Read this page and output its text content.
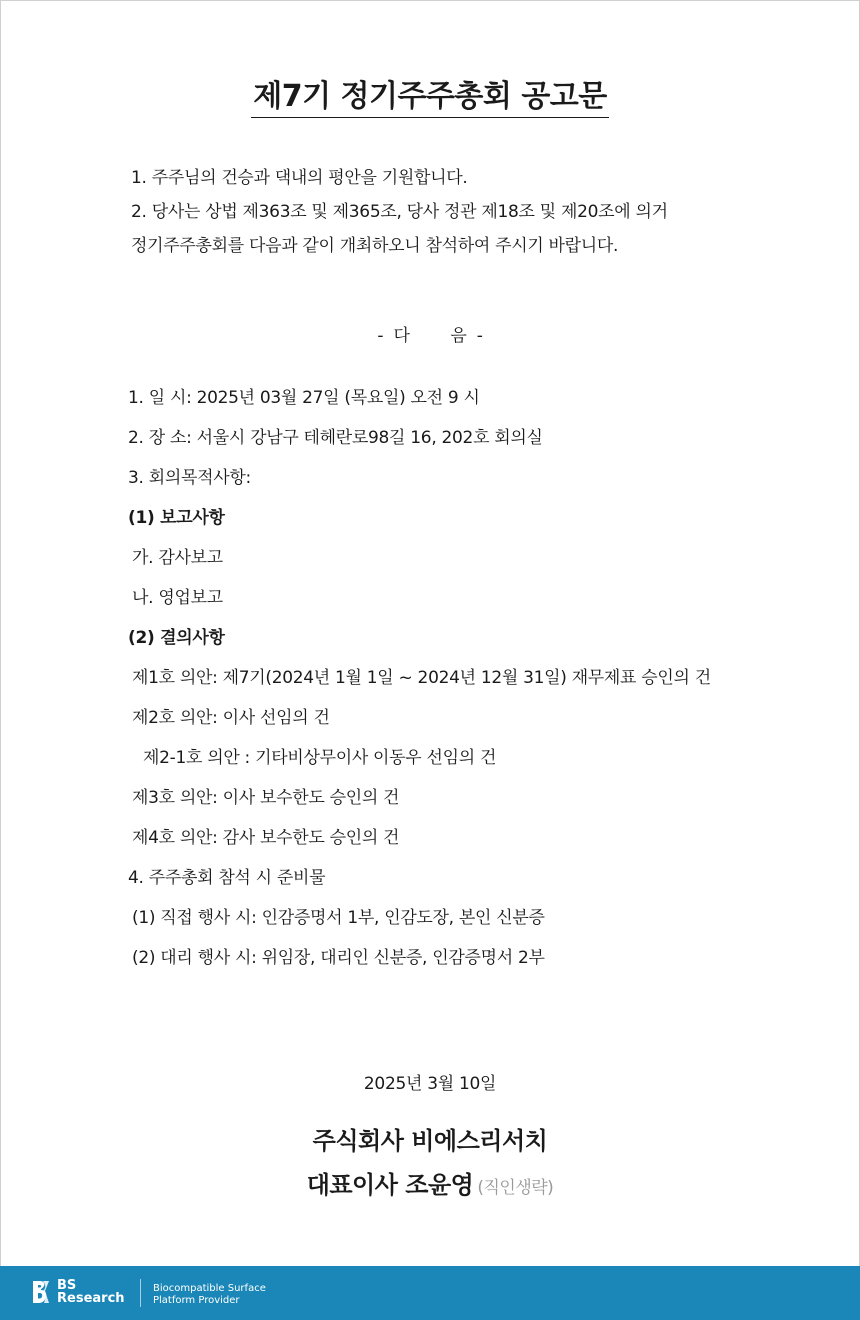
제7기 정기주주총회 공고문
1. 주주님의 건승과 댁내의 평안을 기원합니다.
2. 당사는 상법 제363조 및 제365조, 당사 정관 제18조 및 제20조에 의거
정기주주총회를 다음과 같이 개최하오니 참석하여 주시기 바랍니다.
-  다        음  -
1. 일 시: 2025년 03월 27일 (목요일) 오전 9 시
2. 장 소: 서울시 강남구 테헤란로98길 16, 202호 회의실
3. 회의목적사항:
(1) 보고사항
가. 감사보고
나. 영업보고
(2) 결의사항
제1호 의안: 제7기(2024년 1월 1일 ~ 2024년 12월 31일) 재무제표 승인의 건
제2호 의안: 이사 선임의 건
제2-1호 의안 : 기타비상무이사 이동우 선임의 건
제3호 의안: 이사 보수한도 승인의 건
제4호 의안: 감사 보수한도 승인의 건
4. 주주총회 참석 시 준비물
(1) 직접 행사 시: 인감증명서 1부, 인감도장, 본인 신분증
(2) 대리 행사 시: 위임장, 대리인 신분증, 인감증명서 2부
2025년 3월 10일
주식회사 비에스리서치
대표이사 조윤영 (직인생략)
BS
Research
Biocompatible Surface
Platform Provider
